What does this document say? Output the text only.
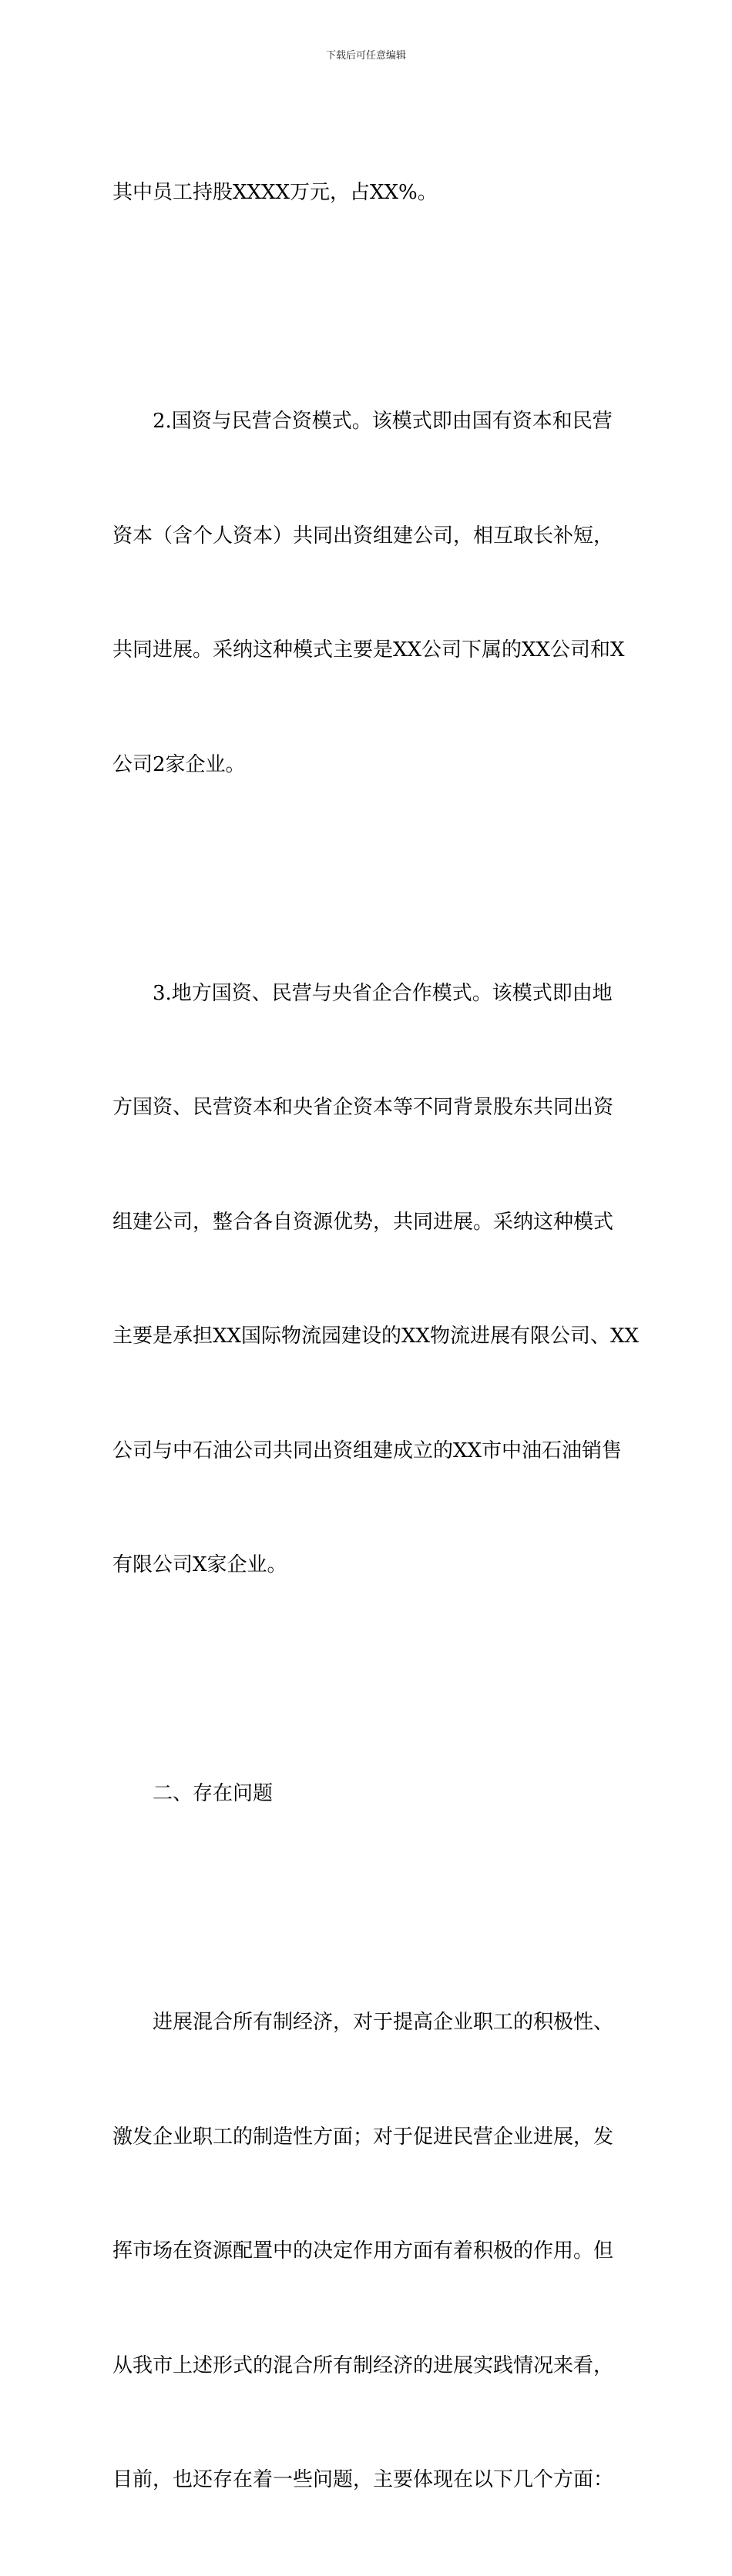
下载后可任意编辑

其中员工持股XXXX万元，占XX%。

2.国资与民营合资模式。该模式即由国有资本和民营

资本（含个人资本）共同出资组建公司，相互取长补短，

共同进展。采纳这种模式主要是XX公司下属的XX公司和X

公司2家企业。

3.地方国资、民营与央省企合作模式。该模式即由地

方国资、民营资本和央省企资本等不同背景股东共同出资

组建公司，整合各自资源优势，共同进展。采纳这种模式

主要是承担XX国际物流园建设的XX物流进展有限公司、XX

公司与中石油公司共同出资组建成立的XX市中油石油销售

有限公司X家企业。

二、存在问题

进展混合所有制经济，对于提高企业职工的积极性、

激发企业职工的制造性方面；对于促进民营企业进展，发

挥市场在资源配置中的决定作用方面有着积极的作用。但

从我市上述形式的混合所有制经济的进展实践情况来看，

目前，也还存在着一些问题，主要体现在以下几个方面：
